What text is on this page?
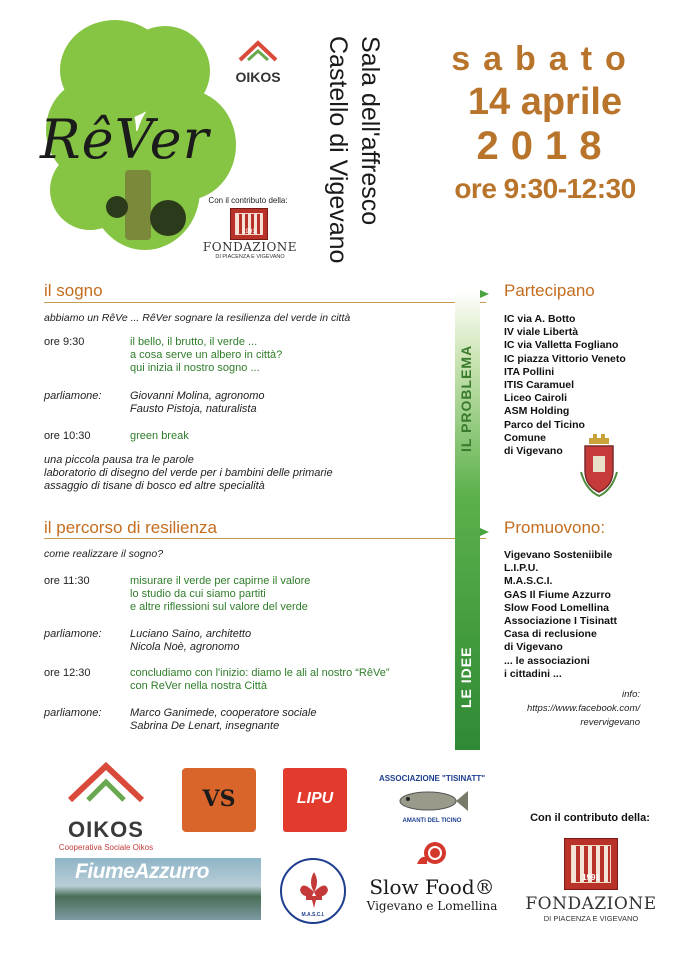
RêVer
OIKOS
Con il contributo della:
1991
FONDAZIONE
DI PIACENZA E VIGEVANO
Sala dell'affresco
Castello di Vigevano	sabato
14 aprile
2018
ore 9:30-12:30
il sogno
abbiamo un RêVe ... RêVer sognare la resilienza del verde in città
ore 9:30	il bello, il brutto, il verde ...
a cosa serve un albero in città?
qui inizia il nostro sogno ...
parliamone:	Giovanni Molina, agronomo
Fausto Pistoja, naturalista
ore 10:30	green break
una piccola pausa tra le parole
laboratorio di disegno del verde per i bambini delle primarie
assaggio di tisane di bosco ed altre specialità
il percorso di resilienza
come realizzare il sogno?
ore 11:30	misurare il verde per capirne il valore
lo studio da cui siamo partiti
e altre riflessioni sul valore del verde
parliamone:	Luciano Saino, architetto
Nicola Noè, agronomo
ore 12:30	concludiamo con l'inizio: diamo le ali al nostro “RêVe”
con ReVer nella nostra Città
parliamone:	Marco Ganimede, cooperatore sociale
Sabrina De Lenart, insegnante
IL PROBLEMA
LE IDEE
Partecipano
IC via A. Botto
IV viale Libertà
IC via Valletta Fogliano
IC piazza Vittorio Veneto
ITA Pollini
ITIS Caramuel
Liceo Cairoli
ASM Holding
Parco del Ticino
Comune
di Vigevano
Promuovono:
Vigevano Sosteniibile
L.I.P.U.
M.A.S.C.I.
GAS Il Fiume Azzurro
Slow Food Lomellina
Associazione I Tisinatt
Casa di reclusione
di Vigevano
... le associazioni
i cittadini ...
info:
https://www.facebook.com/
revervigevano
OIKOS
Cooperativa Sociale Oikos
VS	LIPU
ASSOCIAZIONE "TISINATT"
AMANTI DEL TICINO	Con il contributo della:
1991
FONDAZIONE
DI PIACENZA E VIGEVANO
FiumeAzzurro
M.A.S.C.I.
Slow Food®
Vigevano e Lomellina
